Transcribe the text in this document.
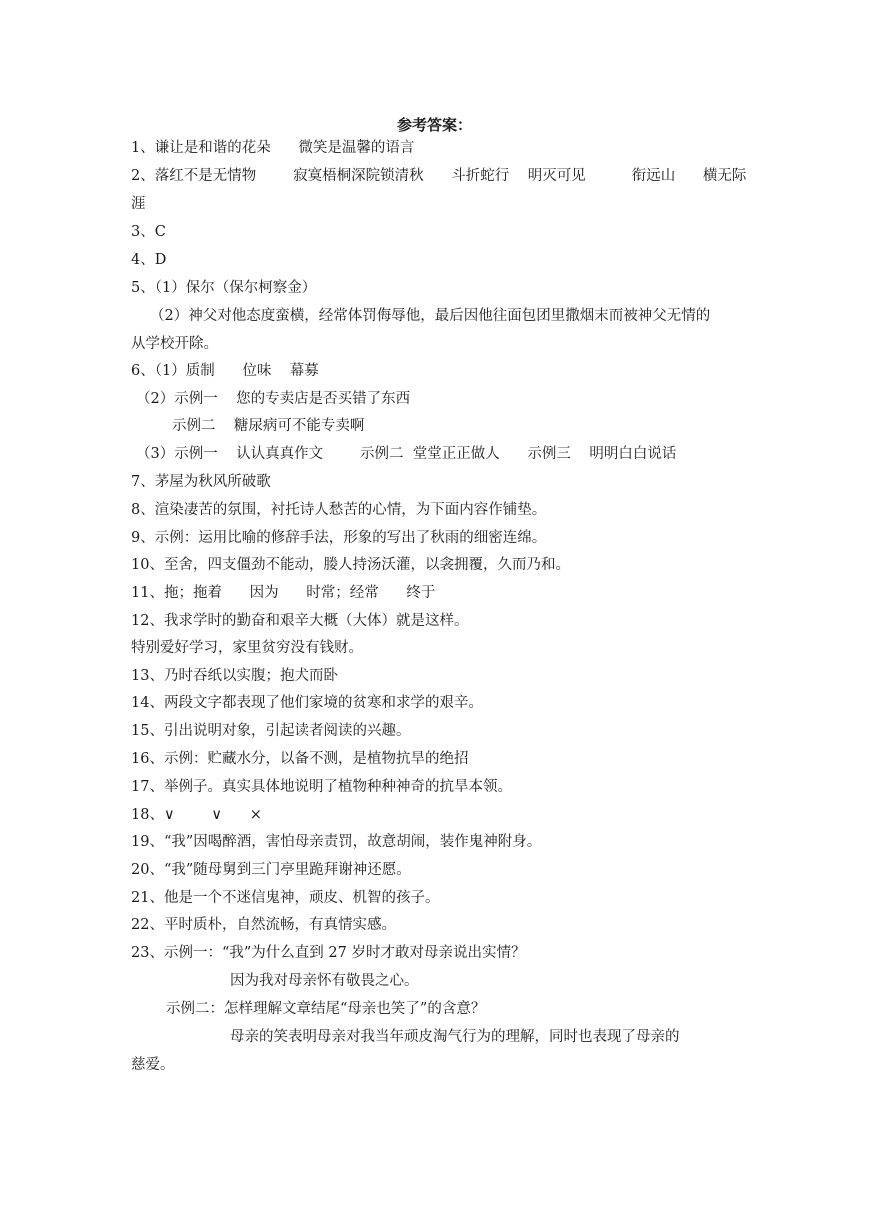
参考答案：
1、谦让是和谐的花朵      微笑是温馨的语言
2、落红不是无情物        寂寞梧桐深院锁清秋      斗折蛇行    明灭可见          衔远山      横无际
涯
3、C
4、D
5、（1）保尔（保尔柯察金）
（2）神父对他态度蛮横，经常体罚侮辱他，最后因他往面包团里撒烟末而被神父无情的
从学校开除。
6、（1）质制      位味    幕募
（2）示例一    您的专卖店是否买错了东西
示例二    糖尿病可不能专卖啊
（3）示例一    认认真真作文        示例二  堂堂正正做人      示例三    明明白白说话
7、茅屋为秋风所破歌
8、渲染凄苦的氛围，衬托诗人愁苦的心情，为下面内容作铺垫。
9、示例：运用比喻的修辞手法，形象的写出了秋雨的细密连绵。
10、至舍，四支僵劲不能动，媵人持汤沃灌，以衾拥覆，久而乃和。
11、拖；拖着      因为      时常；经常      终于
12、我求学时的勤奋和艰辛大概（大体）就是这样。
特别爱好学习，家里贫穷没有钱财。
13、乃时吞纸以实腹；抱犬而卧
14、两段文字都表现了他们家境的贫寒和求学的艰辛。
15、引出说明对象，引起读者阅读的兴趣。
16、示例：贮藏水分，以备不测，是植物抗旱的绝招
17、举例子。真实具体地说明了植物种种神奇的抗旱本领。
18、∨        ∨      ×
19、“我”因喝醉酒，害怕母亲责罚，故意胡闹，装作鬼神附身。
20、“我”随母舅到三门亭里跪拜谢神还愿。
21、他是一个不迷信鬼神，顽皮、机智的孩子。
22、平时质朴，自然流畅，有真情实感。
23、示例一：“我”为什么直到 27 岁时才敢对母亲说出实情？
因为我对母亲怀有敬畏之心。
示例二：怎样理解文章结尾“母亲也笑了”的含意？
母亲的笑表明母亲对我当年顽皮淘气行为的理解，同时也表现了母亲的
慈爱。
